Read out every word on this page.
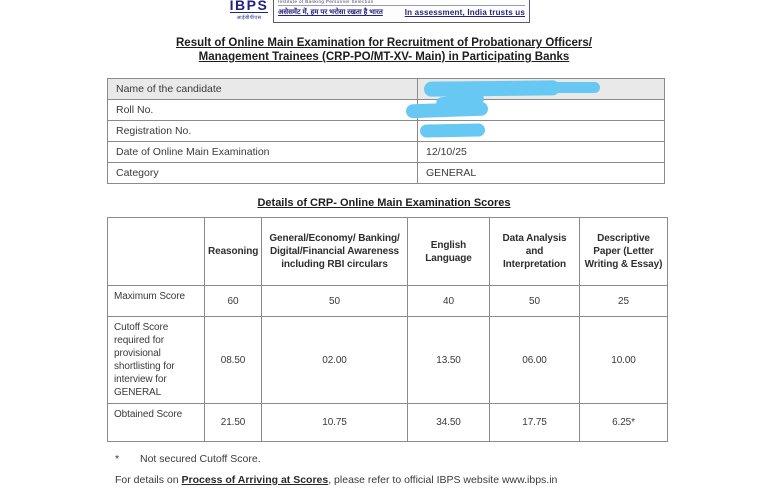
IBPS
आईबीपीएस
Institute of Banking Personnel Selection
असेसमेंट में, हम पर भरोसा रखता है भारत	In assessment, India trusts us
Result of Online Main Examination for Recruitment of Probationary Officers/
Management Trainees (CRP-PO/MT-XV- Main) in Participating Banks
Name of the candidate	

Roll No.	

Registration No.	

Date of Online Main Examination	12/10/25
Category	GENERAL
Details of CRP- Online Main Examination Scores
	Reasoning	General/Economy/ Banking/ Digital/Financial Awareness including RBI circulars	English Language	Data Analysis and Interpretation	Descriptive Paper (Letter Writing & Essay)
Maximum Score	60	50	40	50	25
Cutoff Score required for provisional shortlisting for interview for GENERAL	08.50	02.00	13.50	06.00	10.00
Obtained Score	21.50	10.75	34.50	17.75	6.25*
* Not secured Cutoff Score.
For details on Process of Arriving at Scores, please refer to official IBPS website www.ibps.in
